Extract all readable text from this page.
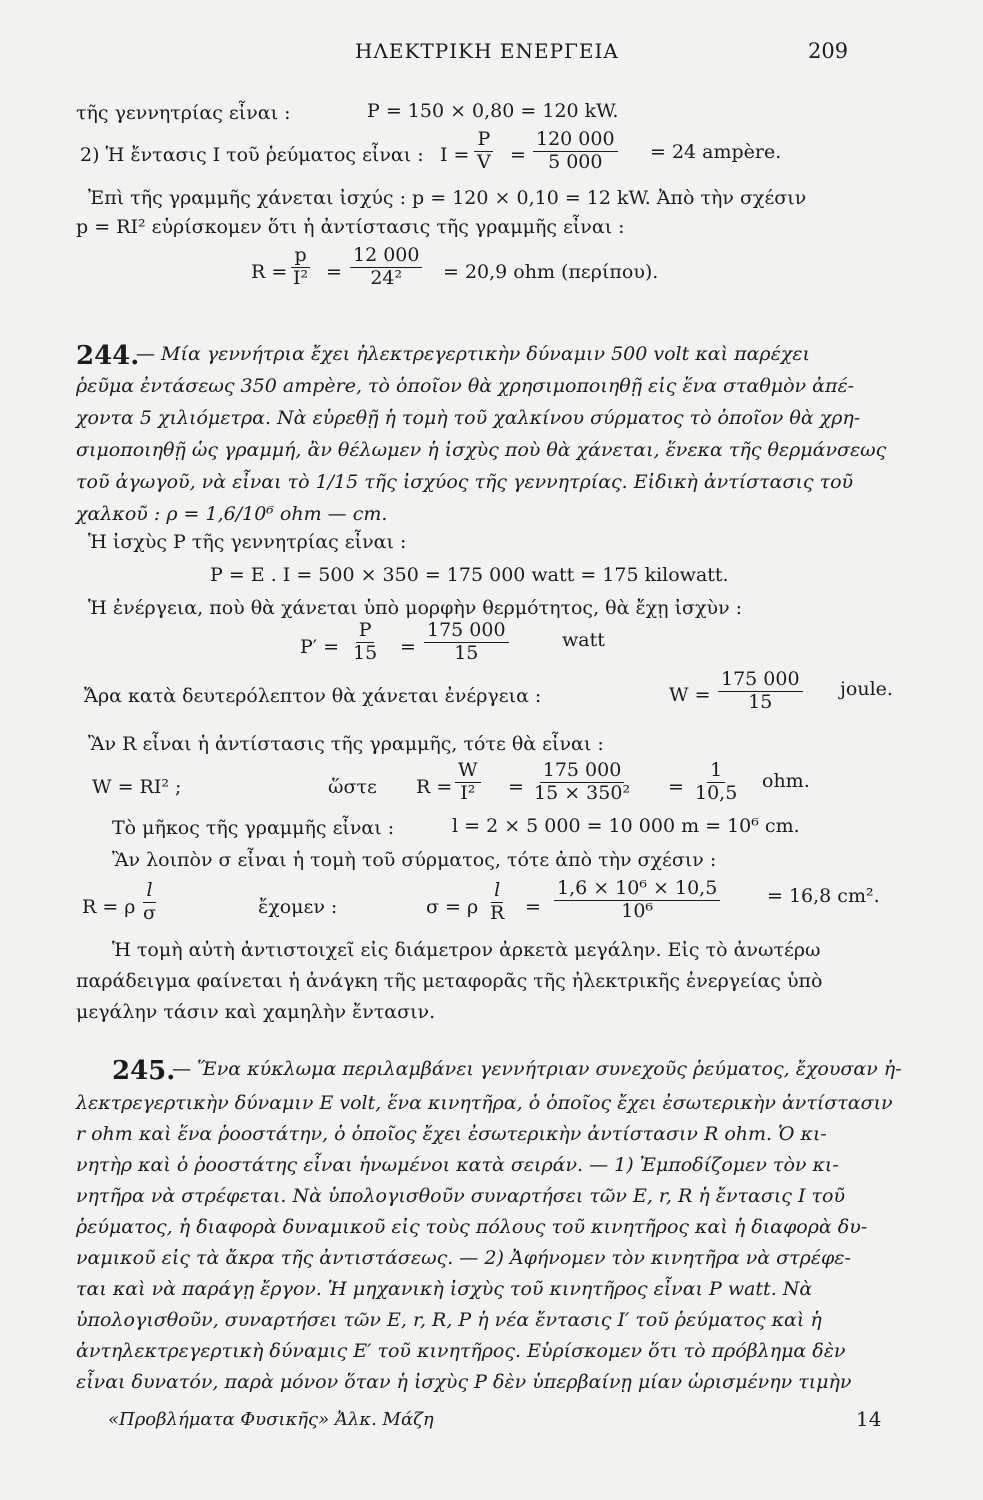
ΗΛΕΚΤΡΙΚΗ ΕΝΕΡΓΕΙΑ	209
τῆς γεννητρίας εἶναι :	P = 150 × 0,80 = 120 kW.
2) Ἡ ἔντασις I τοῦ ῥεύματος εἶναι : $I = \frac{P}{V} = \frac{120 000}{5 000} = 24$ ampère.
Ἐπὶ τῆς γραμμῆς χάνεται ἰσχύς : p = 120 × 0,10 = 12 kW. Ἀπὸ τὴν σχέσιν
p = RI² εὑρίσκομεν ὅτι ἡ ἀντίστασις τῆς γραμμῆς εἶναι :
$R = \frac{p}{\text{I²}} = \frac{12 000}{\text{24²}} = 20,9$ ohm (περίπου).
244.
— Μία γεννήτρια ἔχει ἠλεκτρεγερτικὴν δύναμιν 500 volt καὶ παρέχει
ῥεῦμα ἐντάσεως 350 ampère, τὸ ὁποῖον θὰ χρησιμοποιηθῇ εἰς ἕνα σταθμὸν ἀπέ-
χοντα 5 χιλιόμετρα. Νὰ εὑρεθῇ ἡ τομὴ τοῦ χαλκίνου σύρματος τὸ ὁποῖον θὰ χρη-
σιμοποιηθῇ ὡς γραμμή, ἂν θέλωμεν ἡ ἰσχὺς ποὺ θὰ χάνεται, ἕνεκα τῆς θερμάνσεως
τοῦ ἀγωγοῦ, νὰ εἶναι τὸ 1/15 τῆς ἰσχύος τῆς γεννητρίας. Εἰδικὴ ἀντίστασις τοῦ
χαλκοῦ : ρ = 1,6/10⁶ ohm — cm.
Ἡ ἰσχὺς P τῆς γεννητρίας εἶναι :
P = E . I = 500 × 350 = 175 000 watt = 175 kilowatt.
Ἡ ἐνέργεια, ποὺ θὰ χάνεται ὑπὸ μορφὴν θερμότητος, θὰ ἔχῃ ἰσχὺν :
$P' = \frac{P}{15} = \frac{175 000}{15}$	watt
Ἄρα κατὰ δευτερόλεπτον θὰ χάνεται ἐνέργεια :	$W = \frac{175 000}{15}$ joule.
Ἂν R εἶναι ἡ ἀντίστασις τῆς γραμμῆς, τότε θὰ εἶναι :
W = RI² ;	ὥστε $R = \frac{W}{\text{I²}} = \frac{175 000}{\text{15 × 350²}} = \frac{1}{10,5}$ ohm.
Τὸ μῆκος τῆς γραμμῆς εἶναι :	l = 2 × 5 000 = 10 000 m = 10⁶ cm.
Ἂν λοιπὸν σ εἶναι ἡ τομὴ τοῦ σύρματος, τότε ἀπὸ τὴν σχέσιν :
R = ρ $\frac{l}{\sigma}$	ἔχομεν :	σ = ρ $\frac{l}{R} = \frac{\text{1,6 × 10⁶ × 10,5}}{\text{10⁶}} = 16,8$ cm².
Ἡ τομὴ αὐτὴ ἀντιστοιχεῖ εἰς διάμετρον ἀρκετὰ μεγάλην. Εἰς τὸ ἀνωτέρω
παράδειγμα φαίνεται ἡ ἀνάγκη τῆς μεταφορᾶς τῆς ἠλεκτρικῆς ἐνεργείας ὑπὸ
μεγάλην τάσιν καὶ χαμηλὴν ἔντασιν.
245.
— Ἕνα κύκλωμα περιλαμβάνει γεννήτριαν συνεχοῦς ῥεύματος, ἔχουσαν ἠ-
λεκτρεγερτικὴν δύναμιν E volt, ἕνα κινητῆρα, ὁ ὁποῖος ἔχει ἐσωτερικὴν ἀντίστασιν
r ohm καὶ ἕνα ῥοοστάτην, ὁ ὁποῖος ἔχει ἐσωτερικὴν ἀντίστασιν R ohm. Ὁ κι-
νητὴρ καὶ ὁ ῥοοστάτης εἶναι ἡνωμένοι κατὰ σειράν. — 1) Ἐμποδίζομεν τὸν κι-
νητῆρα νὰ στρέφεται. Νὰ ὑπολογισθοῦν συναρτήσει τῶν E, r, R ἡ ἔντασις I τοῦ
ῥεύματος, ἡ διαφορὰ δυναμικοῦ εἰς τοὺς πόλους τοῦ κινητῆρος καὶ ἡ διαφορὰ δυ-
ναμικοῦ εἰς τὰ ἄκρα τῆς ἀντιστάσεως. — 2) Ἀφήνομεν τὸν κινητῆρα νὰ στρέφε-
ται καὶ νὰ παράγῃ ἔργον. Ἡ μηχανικὴ ἰσχὺς τοῦ κινητῆρος εἶναι P watt. Νὰ
ὑπολογισθοῦν, συναρτήσει τῶν E, r, R, P ἡ νέα ἔντασις I′ τοῦ ῥεύματος καὶ ἡ
ἀντηλεκτρεγερτικὴ δύναμις E′ τοῦ κινητῆρος. Εὑρίσκομεν ὅτι τὸ πρόβλημα δὲν
εἶναι δυνατόν, παρὰ μόνον ὅταν ἡ ἰσχὺς P δὲν ὑπερβαίνῃ μίαν ὡρισμένην τιμὴν
«Προβλήματα Φυσικῆς» Ἀλκ. Μάζη	14
